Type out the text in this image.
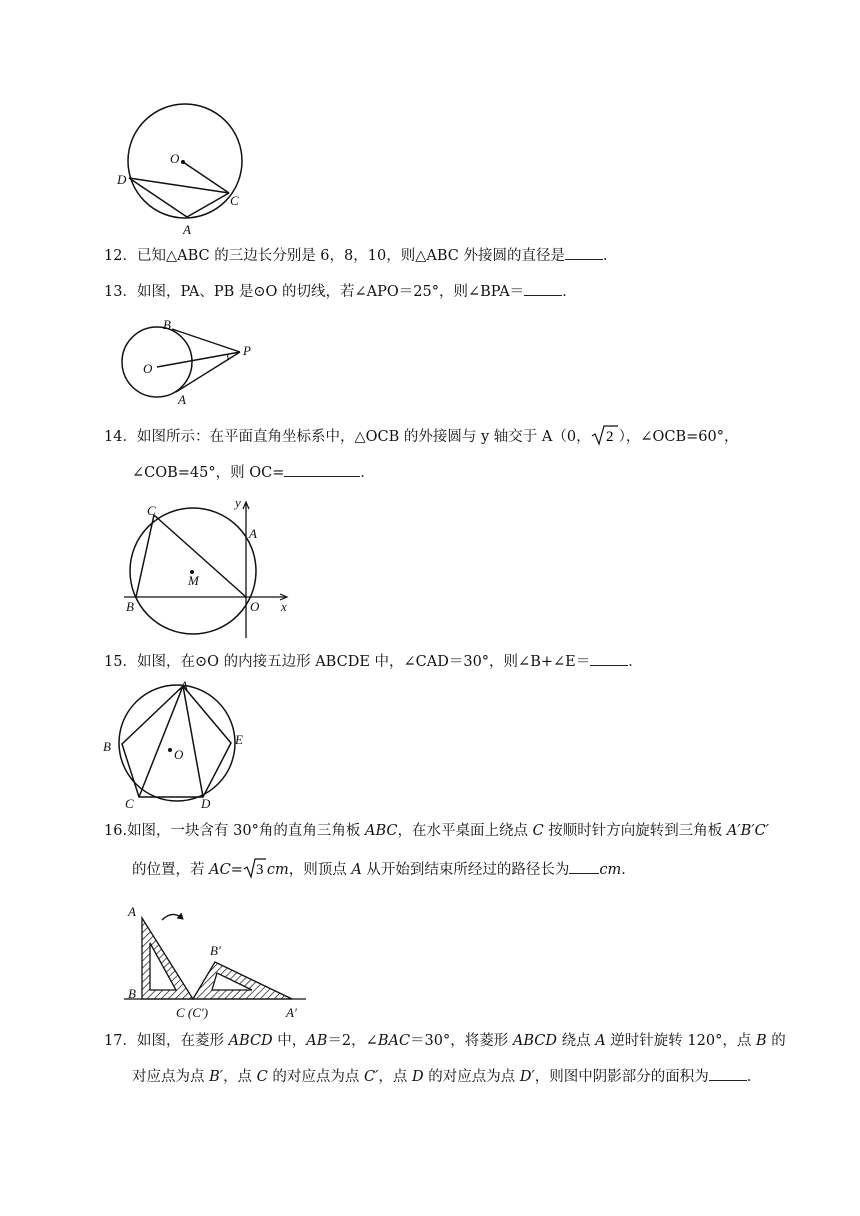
O
D
C
A
12．已知△ABC 的三边长分别是 6，8，10，则△ABC 外接圆的直径是	．
13．如图，PA、PB 是⊙O 的切线，若∠APO＝25°，则∠BPA＝	．
B
O
P
A
14．如图所示：在平面直角坐标系中，△OCB 的外接圆与 y 轴交于 A（0， 2 ），∠OCB=60°，
∠COB=45°，则 OC=	．
C
y
A
M
B	O x
15．如图，在⊙O 的内接五边形 ABCDE 中，∠CAD＝30°，则∠B+∠E＝	．
A
B
O
E
C	D
16.如图，一块含有 30°角的直角三角板 ABC，在水平桌面上绕点 C 按顺时针方向旋转到三角板 A′B′C′
的位置，若 AC= 3 cm，则顶点 A 从开始到结束所经过的路径长为 cm．
A
B
B′
C (C′)	A′
17．如图，在菱形 ABCD 中，AB＝2，∠BAC＝30°，将菱形 ABCD 绕点 A 逆时针旋转 120°，点 B 的
对应点为点 B′，点 C 的对应点为点 C′，点 D 的对应点为点 D′，则图中阴影部分的面积为	．
